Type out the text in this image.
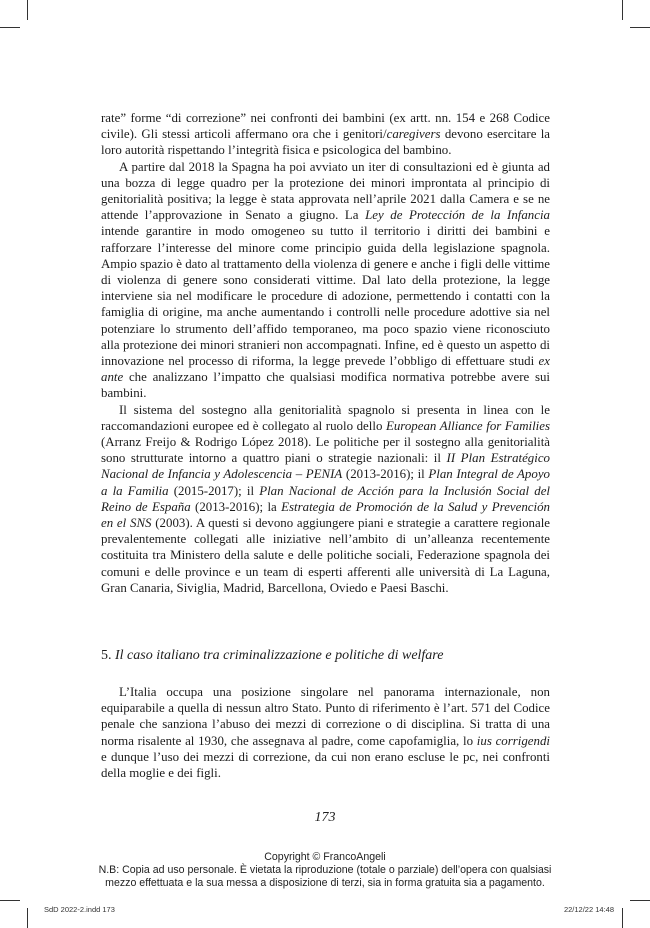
rate” forme “di correzione” nei confronti dei bambini (ex artt. nn. 154 e 268 Codice civile). Gli stessi articoli affermano ora che i genitori/caregivers devono esercitare la loro autorità rispettando l’integrità fisica e psicologica del bambino.

A partire dal 2018 la Spagna ha poi avviato un iter di consultazioni ed è giunta ad una bozza di legge quadro per la protezione dei minori improntata al principio di genitorialità positiva; la legge è stata approvata nell’aprile 2021 dalla Camera e se ne attende l’approvazione in Senato a giugno. La Ley de Protección de la Infancia intende garantire in modo omogeneo su tutto il territorio i diritti dei bambini e rafforzare l’interesse del minore come principio guida della legislazione spagnola. Ampio spazio è dato al trattamento della violenza di genere e anche i figli delle vittime di violenza di genere sono considerati vittime. Dal lato della protezione, la legge interviene sia nel modificare le procedure di adozione, permettendo i contatti con la famiglia di origine, ma anche aumentando i controlli nelle procedure adottive sia nel potenziare lo strumento dell’affido temporaneo, ma poco spazio viene riconosciuto alla protezione dei minori stranieri non accompagnati. Infine, ed è questo un aspetto di innovazione nel processo di riforma, la legge prevede l’obbligo di effettuare studi ex ante che analizzano l’impatto che qualsiasi modifica normativa potrebbe avere sui bambini.

Il sistema del sostegno alla genitorialità spagnolo si presenta in linea con le raccomandazioni europee ed è collegato al ruolo dello European Alliance for Families (Arranz Freijo & Rodrigo López 2018). Le politiche per il sostegno alla genitorialità sono strutturate intorno a quattro piani o strategie nazionali: il II Plan Estratégico Nacional de Infancia y Adolescencia – PENIA (2013-2016); il Plan Integral de Apoyo a la Familia (2015-2017); il Plan Nacional de Acción para la Inclusión Social del Reino de España (2013-2016); la Estrategia de Promoción de la Salud y Prevención en el SNS (2003). A questi si devono aggiungere piani e strategie a carattere regionale prevalentemente collegati alle iniziative nell’ambito di un’alleanza recentemente costituita tra Ministero della salute e delle politiche sociali, Federazione spagnola dei comuni e delle province e un team di esperti afferenti alle università di La Laguna, Gran Canaria, Siviglia, Madrid, Barcellona, Oviedo e Paesi Baschi.

5. Il caso italiano tra criminalizzazione e politiche di welfare

L’Italia occupa una posizione singolare nel panorama internazionale, non equiparabile a quella di nessun altro Stato. Punto di riferimento è l’art. 571 del Codice penale che sanziona l’abuso dei mezzi di correzione o di disciplina. Si tratta di una norma risalente al 1930, che assegnava al padre, come capofamiglia, lo ius corrigendi e dunque l’uso dei mezzi di correzione, da cui non erano escluse le pc, nei confronti della moglie e dei figli.

173
Copyright © FrancoAngeli
N.B: Copia ad uso personale. È vietata la riproduzione (totale o parziale) dell’opera con qualsiasi
mezzo effettuata e la sua messa a disposizione di terzi, sia in forma gratuita sia a pagamento.
SdD 2022-2.indd 173	22/12/22 14:48
